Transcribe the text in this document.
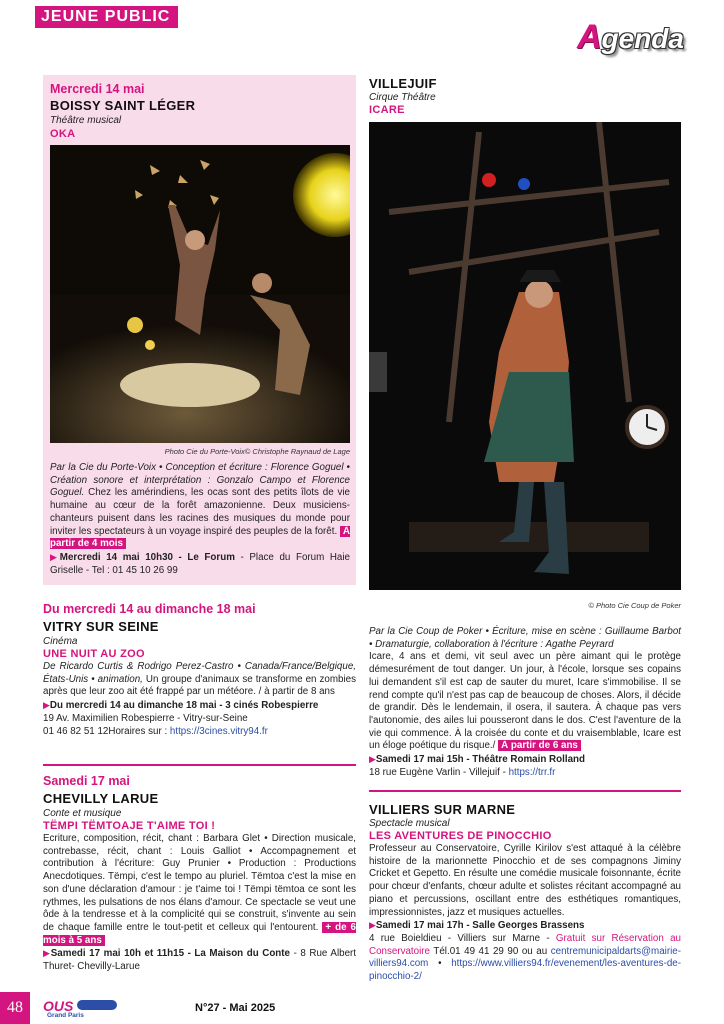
JEUNE PUBLIC
Agenda
Mercredi 14 mai
BOISSY SAINT LÉGER
Théâtre musical
OKA
Photo Cie du Porte-Voix© Christophe Raynaud de Lage
Par la Cie du Porte-Voix • Conception et écriture : Florence Goguel • Création sonore et interprétation : Gonzalo Campo et Florence Goguel. Chez les amérindiens, les ocas sont des petits îlots de vie humaine au cœur de la forêt amazonienne. Deux musiciens-chanteurs puisent dans les racines des musiques du monde pour inviter les spectateurs à un voyage inspiré des peuples de la forêt. À partir de 4 mois
▶Mercredi 14 mai 10h30 - Le Forum - Place du Forum Haie Griselle - Tel : 01 45 10 26 99
Du mercredi 14 au dimanche 18 mai
VITRY SUR SEINE
Cinéma
UNE NUIT AU ZOO
De Ricardo Curtis & Rodrigo Perez-Castro • Canada/France/Belgique, États-Unis • animation, Un groupe d'animaux se transforme en zombies après que leur zoo ait été frappé par un météore. / à partir de 8 ans
▶Du mercredi 14 au dimanche 18 mai - 3 cinés Robespierre
19 Av. Maximilien Robespierre - Vitry-sur-Seine
01 46 82 51 12Horaires sur : https://3cines.vitry94.fr
Samedi 17 mai
CHEVILLY LARUE
Conte et musique
TËMPI TËMTOAJE T'AIME TOI !
Ecriture, composition, récit, chant : Barbara Glet • Direction musicale, contrebasse, récit, chant : Louis Galliot • Accompagnement et contribution à l'écriture: Guy Prunier • Production : Productions Anecdotiques. Tëmpi, c'est le tempo au pluriel. Tëmtoa c'est la mise en son d'une déclaration d'amour : je t'aime toi ! Tëmpi tëmtoa ce sont les rythmes, les pulsations de nos élans d'amour. Ce spectacle se veut une ôde à la tendresse et à la complicité qui se construit, s'invente au sein de chaque famille entre le tout-petit et celleux qui l'entourent. + de 6 mois à 5 ans
▶Samedi 17 mai 10h et 11h15 - La Maison du Conte - 8 Rue Albert Thuret- Chevilly-Larue
VILLEJUIF
Cirque Théâtre
ICARE
© Photo Cie Coup de Poker
Par la Cie Coup de Poker • Écriture, mise en scène : Guillaume Barbot • Dramaturgie, collaboration à l'écriture : Agathe Peyrard
Icare, 4 ans et demi, vit seul avec un père aimant qui le protège démesurément de tout danger. Un jour, à l'école, lorsque ses copains lui demandent s'il est cap de sauter du muret, Icare s'immobilise. Il se rend compte qu'il n'est pas cap de beaucoup de choses. Alors, il décide de grandir. Dès le lendemain, il osera, il sautera. À chaque pas vers l'autonomie, des ailes lui pousseront dans le dos. C'est l'aventure de la vie qui commence. À la croisée du conte et du vraisemblable, Icare est un éloge poétique du risque./ À partir de 6 ans
▶Samedi 17 mai 15h - Théâtre Romain Rolland
18 rue Eugène Varlin - Villejuif - https://trr.fr
VILLIERS SUR MARNE
Spectacle musical
LES AVENTURES DE PINOCCHIO
Professeur au Conservatoire, Cyrille Kirilov s'est attaqué à la célèbre histoire de la marionnette Pinocchio et de ses compagnons Jiminy Cricket et Gepetto. En résulte une comédie musicale foisonnante, écrite pour chœur d'enfants, chœur adulte et solistes récitant accompagné au piano et percussions, oscillant entre des esthétiques romantiques, impressionnistes, jazz et musiques actuelles.
▶Samedi 17 mai 17h - Salle Georges Brassens
4 rue Boieldieu - Villiers sur Marne - Gratuit sur Réservation au Conservatoire Tél.01 49 41 29 90 ou au centremunicipaldarts@mairie-villiers94.com • https://www.villiers94.fr/evenement/les-aventures-de-pinocchio-2/
48	OUS
Grand Paris
N°27 - Mai 2025
